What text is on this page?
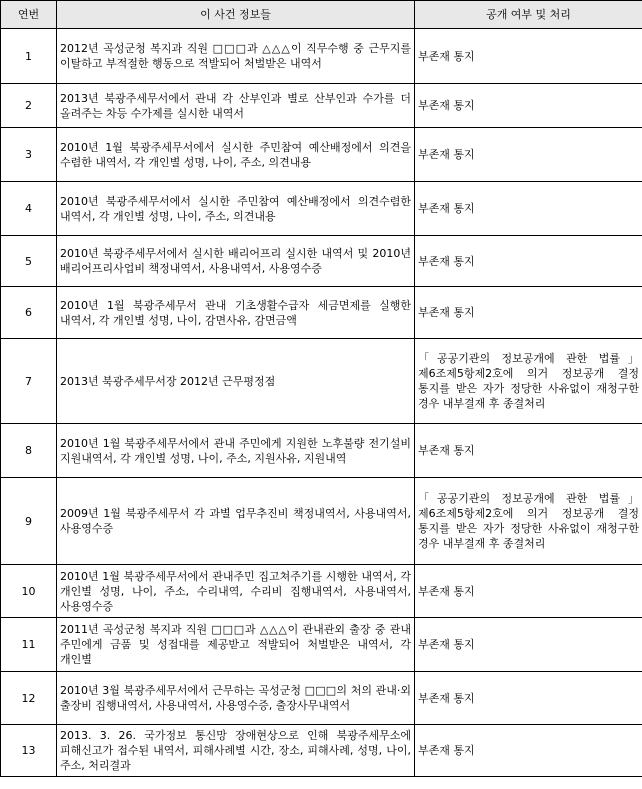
연번	이 사건 정보들	공개 여부 및 처리
1	2012년 곡성군청 복지과 직원 □□□과 △△△이 직무수행 중 근무지를 이탈하고 부적절한 행동으로 적발되어 처벌받은 내역서	부존재 통지
2	2013년 북광주세무서에서 관내 각 산부인과 별로 산부인과 수가를 더 올려주는 차등 수가제를 실시한 내역서	부존재 통지
3	2010년 1월 북광주세무서에서 실시한 주민참여 예산배정에서 의견을 수렴한 내역서, 각 개인별 성명, 나이, 주소, 의견내용	부존재 통지
4	2010년 북광주세무서에서 실시한 주민참여 예산배정에서 의견수렴한 내역서, 각 개인별 성명, 나이, 주소, 의견내용	부존재 통지
5	2010년 북광주세무서에서 실시한 배리어프리 실시한 내역서 및 2010년 배리어프리사업비 책정내역서, 사용내역서, 사용영수증	부존재 통지
6	2010년 1월 북광주세무서 관내 기초생활수급자 세금면제를 실행한 내역서, 각 개인별 성명, 나이, 감면사유, 감면금액	부존재 통지
7	2013년 북광주세무서장 2012년 근무평정점	「공공기관의 정보공개에 관한 법률」 제6조제5항제2호에 의거 정보공개 결정 통지를 받은 자가 정당한 사유없이 재청구한 경우 내부결재 후 종결처리
8	2010년 1월 북광주세무서에서 관내 주민에게 지원한 노후불량 전기설비 지원내역서, 각 개인별 성명, 나이, 주소, 지원사유, 지원내역	부존재 통지
9	2009년 1월 북광주세무서 각 과별 업무추진비 책정내역서, 사용내역서, 사용영수증	「공공기관의 정보공개에 관한 법률」 제6조제5항제2호에 의거 정보공개 결정 통지를 받은 자가 정당한 사유없이 재청구한 경우 내부결재 후 종결처리
10	2010년 1월 북광주세무서에서 관내주민 집고쳐주기를 시행한 내역서, 각 개인별 성명, 나이, 주소, 수리내역, 수리비 집행내역서, 사용내역서, 사용영수증	부존재 통지
11	2011년 곡성군청 복지과 직원 □□□과 △△△이 관내관외 출장 중 관내 주민에게 금품 및 성접대를 제공받고 적발되어 처벌받은 내역서, 각 개인별	부존재 통지
12	2010년 3월 북광주세무서에서 근무하는 곡성군청 □□□의 처의 관내·외 출장비 집행내역서, 사용내역서, 사용영수증, 출장사무내역서	부존재 통지
13	2013. 3. 26. 국가정보 통신망 장애현상으로 인해 북광주세무소에 피해신고가 접수된 내역서, 피해사례별 시간, 장소, 피해사례, 성명, 나이, 주소, 처리결과	부존재 통지
